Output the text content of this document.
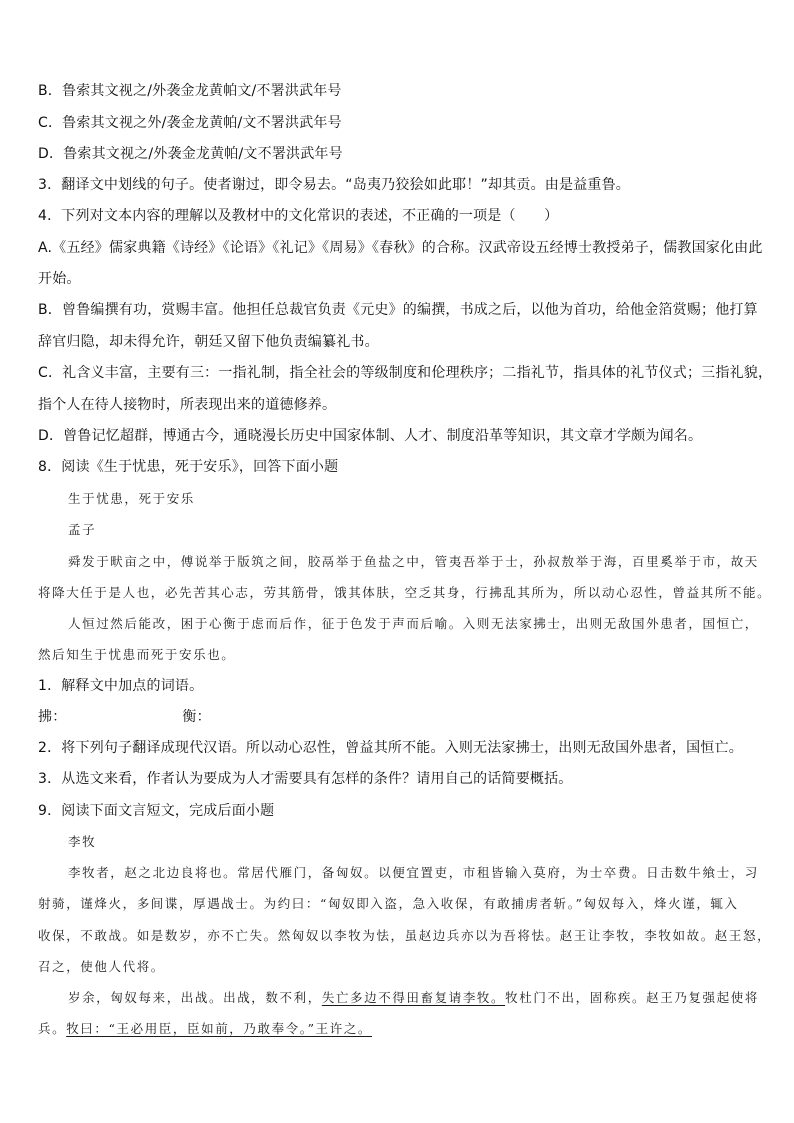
B．鲁索其文视之/外袭金龙黄帕文/不署洪武年号
C．鲁索其文视之外/袭金龙黄帕/文不署洪武年号
D．鲁索其文视之/外袭金龙黄帕/文不署洪武年号
3．翻译文中划线的句子。使者谢过，即令易去。“岛夷乃狡狯如此耶！”却其贡。由是益重鲁。
4．下列对文本内容的理解以及教材中的文化常识的表述，不正确的一项是（　　）
A.《五经》儒家典籍《诗经》《论语》《礼记》《周易》《春秋》的合称。汉武帝设五经博士教授弟子，儒教国家化由此
开始。
B．曾鲁编撰有功，赏赐丰富。他担任总裁官负责《元史》的编撰，书成之后，以他为首功，给他金箔赏赐；他打算
辞官归隐，却未得允许，朝廷又留下他负责编纂礼书。
C．礼含义丰富，主要有三：一指礼制，指全社会的等级制度和伦理秩序；二指礼节，指具体的礼节仪式；三指礼貌，
指个人在待人接物时，所表现出来的道德修养。
D．曾鲁记忆超群，博通古今，通晓漫长历史中国家体制、人才、制度沿革等知识，其文章才学颇为闻名。
8．阅读《生于忧患，死于安乐》，回答下面小题
生于忧患，死于安乐
孟子
舜发于畎亩之中，傅说举于版筑之间，胶鬲举于鱼盐之中，管夷吾举于士，孙叔敖举于海，百里奚举于市，故天
将降大任于是人也，必先苦其心志，劳其筋骨，饿其体肤，空乏其身，行拂乱其所为，所以动心忍性，曾益其所不能。
人恒过然后能改，困于心衡于虑而后作，征于色发于声而后喻。入则无法家拂士，出则无敌国外患者，国恒亡，
然后知生于忧患而死于安乐也。
1．解释文中加点的词语。
拂：	衡：
2．将下列句子翻译成现代汉语。所以动心忍性，曾益其所不能。入则无法家拂士，出则无敌国外患者，国恒亡。
3．从选文来看，作者认为要成为人才需要具有怎样的条件？请用自己的话简要概括。
9．阅读下面文言短文，完成后面小题
李牧
李牧者，赵之北边良将也。常居代雁门，备匈奴。以便宜置吏，市租皆输入莫府，为士卒费。日击数牛飨士，习
射骑，谨烽火，多间谍，厚遇战士。为约曰：“匈奴即入盗，急入收保，有敢捕虏者斩。”匈奴每入，烽火谨，辄入
收保，不敢战。如是数岁，亦不亡失。然匈奴以李牧为怯，虽赵边兵亦以为吾将怯。赵王让李牧，李牧如故。赵王怒，
召之，使他人代将。
岁余，匈奴每来，出战。出战，数不利，失亡多边不得田畜复请李牧。牧杜门不出，固称疾。赵王乃复强起使将
兵。牧曰：“王必用臣，臣如前，乃敢奉令。”王许之。
